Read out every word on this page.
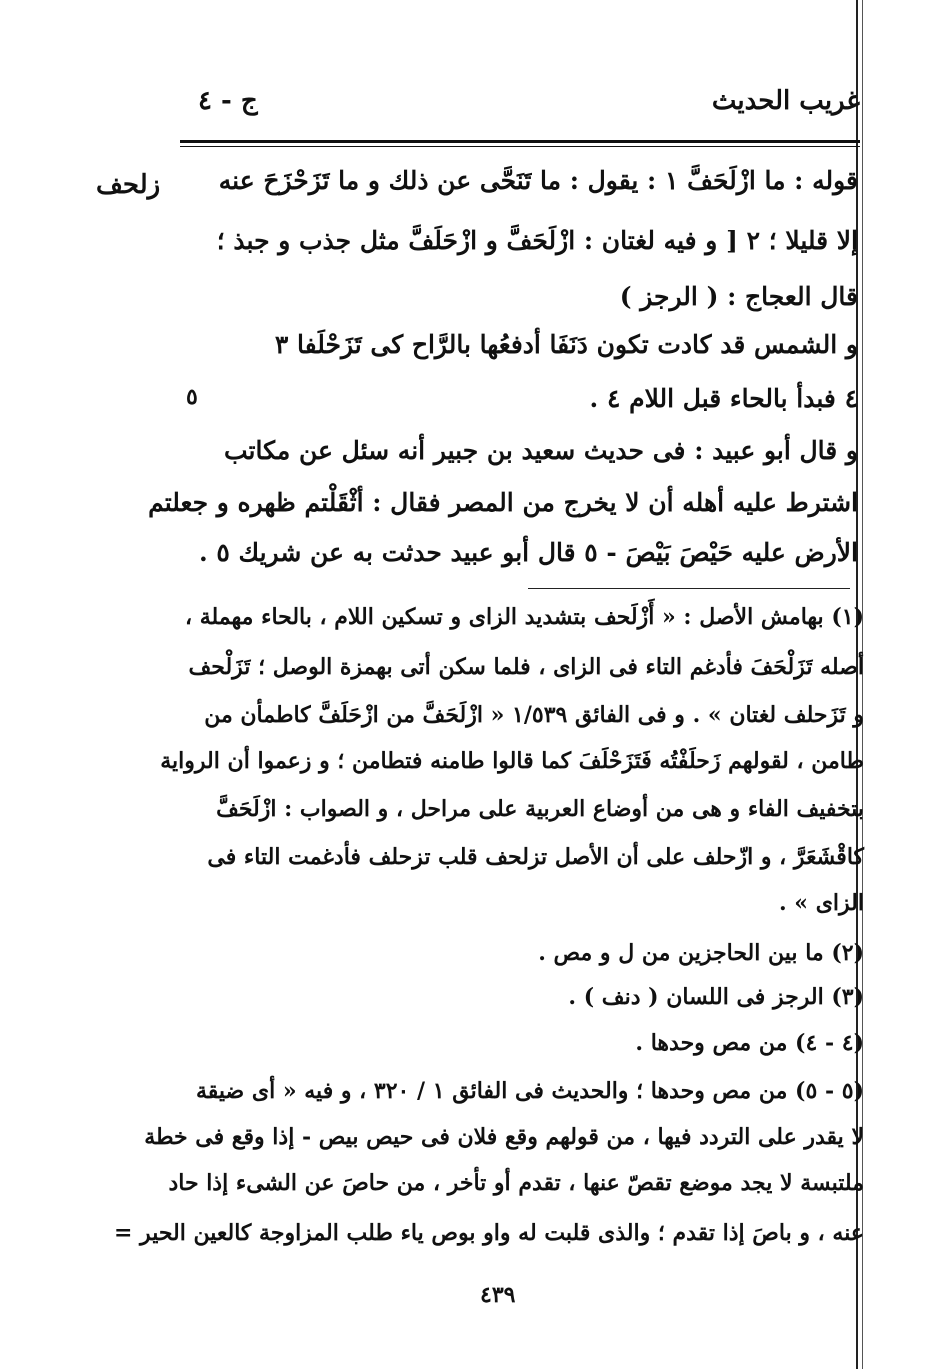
غريب الحديث
ج - ٤
زلحف
٥
قوله : ما ازْلَحَفَّ ١ : يقول : ما تَنَحَّى عن ذلك و ما تَزَحْزَحَ عنه
إلا قليلا ؛ ٢ [ و فيه لغتان : ازْلَحَفَّ و ازْحَلَفَّ مثل جذب و جبذ ؛
قال العجاج : ( الرجز )
و الشمس قد كادت تكون دَنَفَا أدفعُها بالرَّاح كى تَزَحْلَفا ٣
٤ فبدأ بالحاء قبل اللام ٤ .
و قال أبو عبيد : فى حديث سعيد بن جبير أنه سئل عن مكاتب
اشترط عليه أهله أن لا يخرج من المصر فقال : أثْقَلْتم ظهره و جعلتم
الأرض عليه حَيْصَ بَيْصَ - ٥ قال أبو عبيد حدثت به عن شريك ٥ .
(١) بهامش الأصل : « أَزْلَحف بتشديد الزاى و تسكين اللام ، بالحاء مهملة ،
أصله تَزَلْحَفَ فأدغم التاء فى الزاى ، فلما سكن أتى بهمزة الوصل ؛ تَزَلْحف
و تَزَحلف لغتان » . و فى الفائق ١/٥٣٩ « ازْلَحَفَّ من ازْحَلَفَّ كاطمأن من
طامن ، لقولهم زَحلَفْتُه فَتَزَحْلَفَ كما قالوا طامنه فتطامن ؛ و زعموا أن الرواية
بتخفيف الفاء و هى من أوضاع العربية على مراحل ، و الصواب : ازْلَحَفَّ
كاقْشَعَرَّ ، و ازّحلف على أن الأصل تزلحف قلب تزحلف فأدغمت التاء فى
الزاى » .
(٢) ما بين الحاجزين من ل و مص .
(٣) الرجز فى اللسان ( دنف ) .
(٤ - ٤) من مص وحدها .
(٥ - ٥) من مص وحدها ؛ والحديث فى الفائق ١ / ٣٢٠ ، و فيه « أى ضيقة
لا يقدر على التردد فيها ، من قولهم وقع فلان فى حيص بيص - إذا وقع فى خطة
ملتبسة لا يجد موضع تقصّ عنها ، تقدم أو تأخر ، من حاصَ عن الشىء إذا حاد
عنه ، و باصَ إذا تقدم ؛ والذى قلبت له واو بوص ياء طلب المزاوجة كالعين الحير =
٤٣٩
